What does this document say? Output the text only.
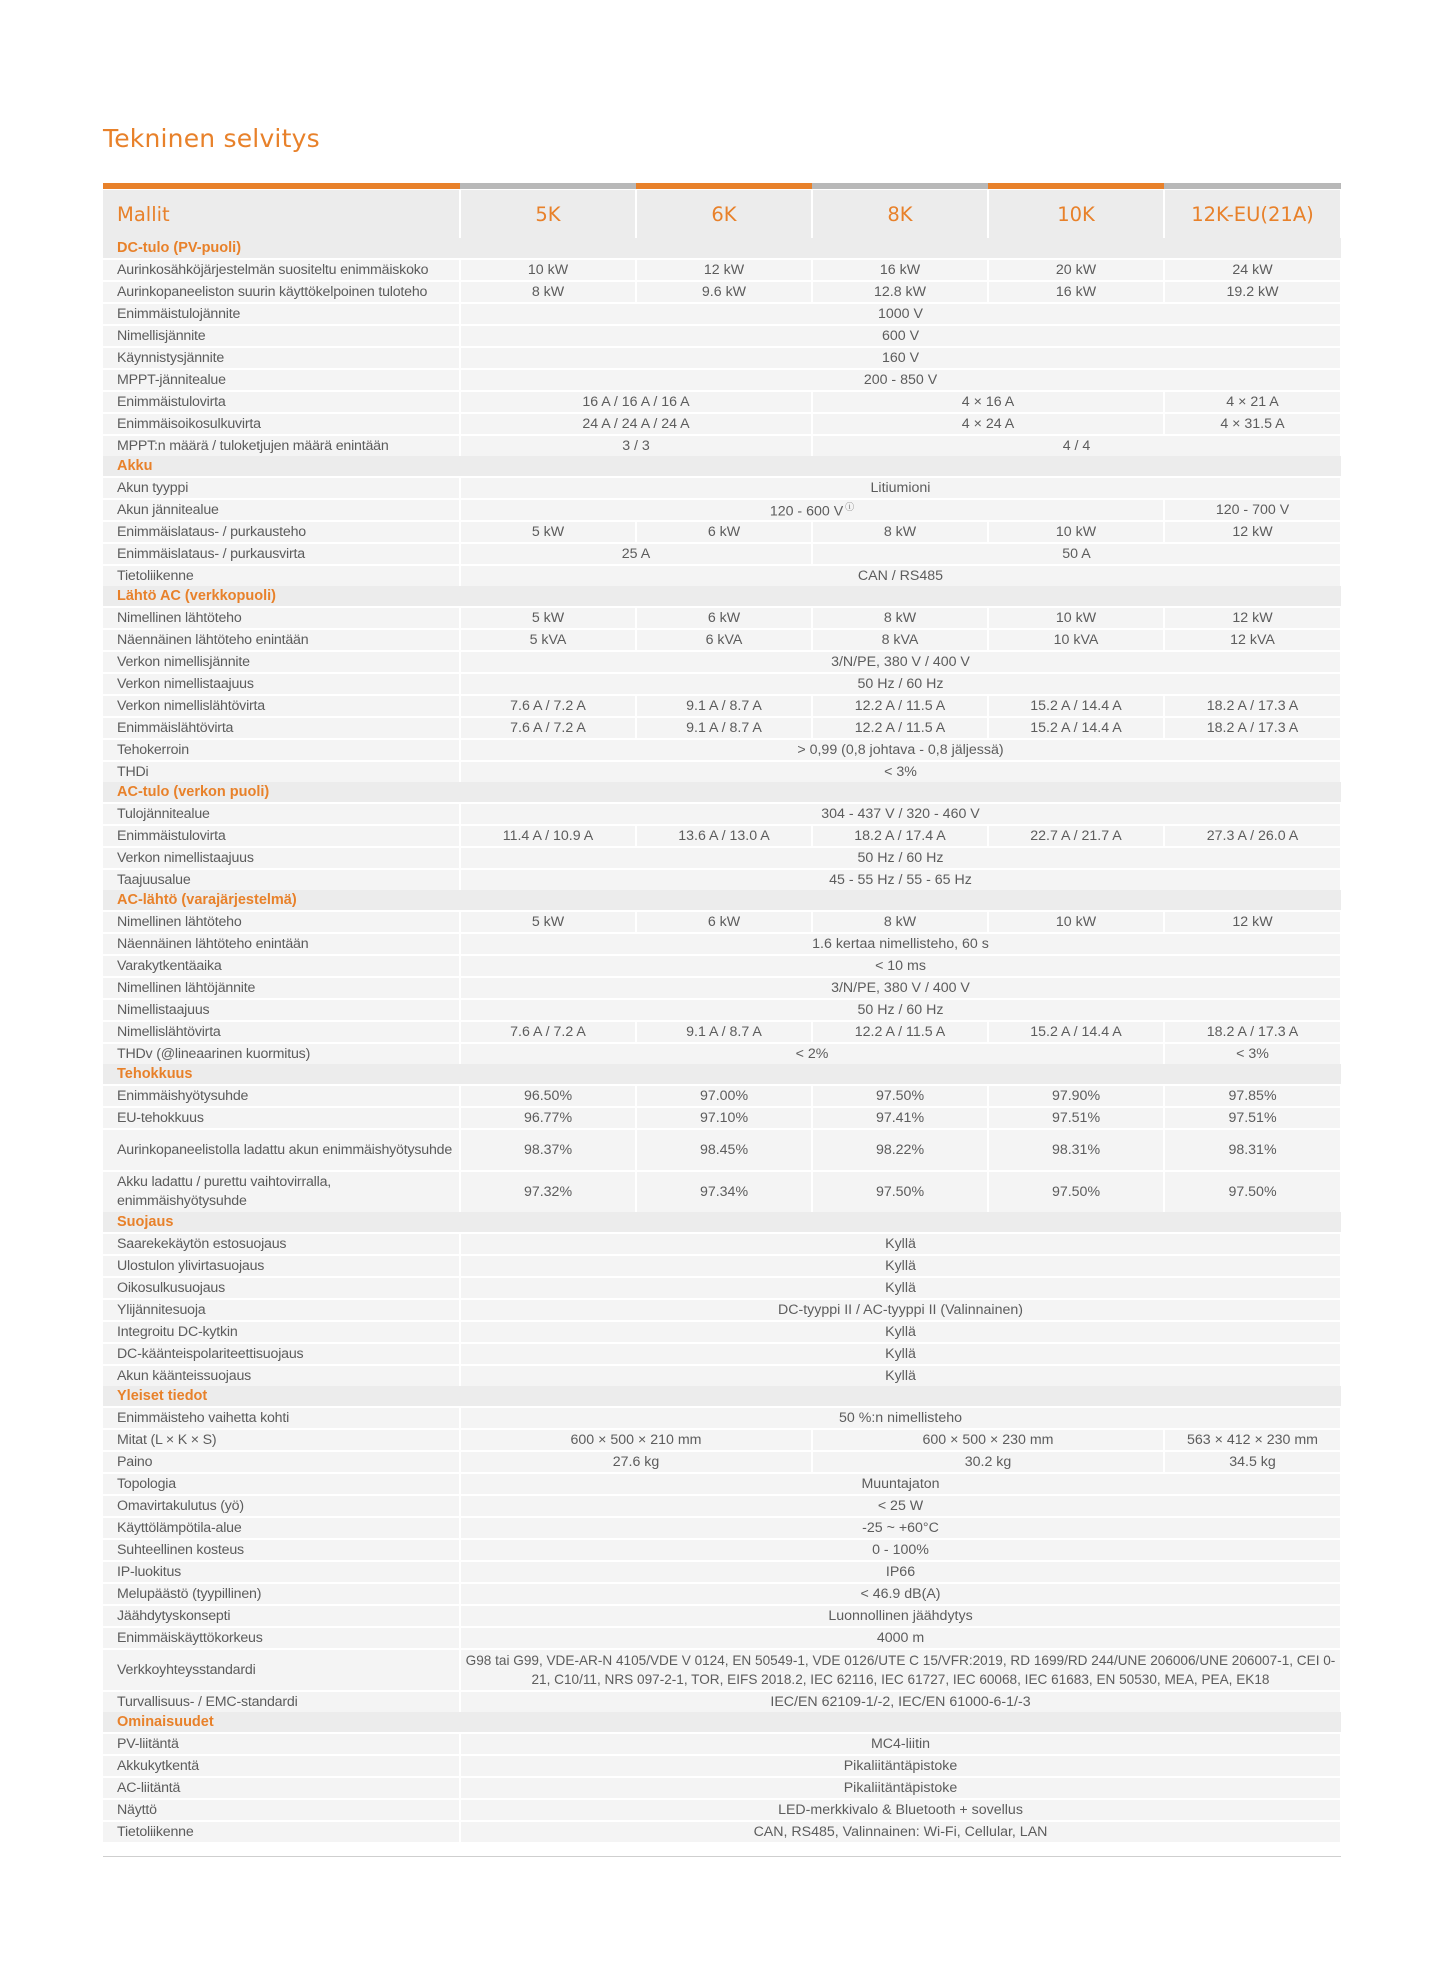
Tekninen selvitys
Mallit	5K	6K	8K	10K	12K-EU(21A)
DC-tulo (PV-puoli)					
Aurinkosähköjärjestelmän suositeltu enimmäiskoko	10 kW	12 kW	16 kW	20 kW	24 kW
Aurinkopaneeliston suurin käyttökelpoinen tuloteho	8 kW	9.6 kW	12.8 kW	16 kW	19.2 kW
Enimmäistulojännite	1000 V				
Nimellisjännite	600 V				
Käynnistysjännite	160 V				
MPPT-jännitealue	200 - 850 V				
Enimmäistulovirta	16 A / 16 A / 16 A		4 × 16 A		4 × 21 A
Enimmäisoikosulkuvirta	24 A / 24 A / 24 A		4 × 24 A		4 × 31.5 A
MPPT:n määrä / tuloketjujen määrä enintään	3 / 3		4 / 4		
Akku					
Akun tyyppi	Litiumioni				
Akun jännitealue	120 - 600 V ⓘ				120 - 700 V
Enimmäislataus- / purkausteho	5 kW	6 kW	8 kW	10 kW	12 kW
Enimmäislataus- / purkausvirta	25 A		50 A		
Tietoliikenne	CAN / RS485				
Lähtö AC (verkkopuoli)					
Nimellinen lähtöteho	5 kW	6 kW	8 kW	10 kW	12 kW
Näennäinen lähtöteho enintään	5 kVA	6 kVA	8 kVA	10 kVA	12 kVA
Verkon nimellisjännite	3/N/PE, 380 V / 400 V				
Verkon nimellistaajuus	50 Hz / 60 Hz				
Verkon nimellislähtövirta	7.6 A / 7.2 A	9.1 A / 8.7 A	12.2 A / 11.5 A	15.2 A / 14.4 A	18.2 A / 17.3 A
Enimmäislähtövirta	7.6 A / 7.2 A	9.1 A / 8.7 A	12.2 A / 11.5 A	15.2 A / 14.4 A	18.2 A / 17.3 A
Tehokerroin	> 0,99 (0,8 johtava - 0,8 jäljessä)				
THDi	< 3%				
AC-tulo (verkon puoli)					
Tulojännitealue	304 - 437 V / 320 - 460 V				
Enimmäistulovirta	11.4 A / 10.9 A	13.6 A / 13.0 A	18.2 A / 17.4 A	22.7 A / 21.7 A	27.3 A / 26.0 A
Verkon nimellistaajuus	50 Hz / 60 Hz				
Taajuusalue	45 - 55 Hz / 55 - 65 Hz				
AC-lähtö (varajärjestelmä)					
Nimellinen lähtöteho	5 kW	6 kW	8 kW	10 kW	12 kW
Näennäinen lähtöteho enintään	1.6 kertaa nimellisteho, 60 s				
Varakytkentäaika	< 10 ms				
Nimellinen lähtöjännite	3/N/PE, 380 V / 400 V				
Nimellistaajuus	50 Hz / 60 Hz				
Nimellislähtövirta	7.6 A / 7.2 A	9.1 A / 8.7 A	12.2 A / 11.5 A	15.2 A / 14.4 A	18.2 A / 17.3 A
THDv (@lineaarinen kuormitus)	< 2%				< 3%
Tehokkuus					
Enimmäishyötysuhde	96.50%	97.00%	97.50%	97.90%	97.85%
EU-tehokkuus	96.77%	97.10%	97.41%	97.51%	97.51%
Aurinkopaneelistolla ladattu akun enimmäishyötysuhde	98.37%	98.45%	98.22%	98.31%	98.31%
Akku ladattu / purettu vaihtovirralla, enimmäishyötysuhde	97.32%	97.34%	97.50%	97.50%	97.50%
Suojaus					
Saarekekäytön estosuojaus	Kyllä				
Ulostulon ylivirtasuojaus	Kyllä				
Oikosulkusuojaus	Kyllä				
Ylijännitesuoja	DC-tyyppi II / AC-tyyppi II (Valinnainen)				
Integroitu DC-kytkin	Kyllä				
DC-käänteispolariteettisuojaus	Kyllä				
Akun käänteissuojaus	Kyllä				
Yleiset tiedot					
Enimmäisteho vaihetta kohti	50 %:n nimellisteho				
Mitat (L × K × S)	600 × 500 × 210 mm		600 × 500 × 230 mm		563 × 412 × 230 mm
Paino	27.6 kg		30.2 kg		34.5 kg
Topologia	Muuntajaton				
Omavirtakulutus (yö)	< 25 W				
Käyttölämpötila-alue	-25 ~ +60°C				
Suhteellinen kosteus	0 - 100%				
IP-luokitus	IP66				
Melupäästö (tyypillinen)	< 46.9 dB(A)				
Jäähdytyskonsepti	Luonnollinen jäähdytys				
Enimmäiskäyttökorkeus	4000 m				
Verkkoyhteysstandardi	G98 tai G99, VDE-AR-N 4105/VDE V 0124, EN 50549-1, VDE 0126/UTE C 15/VFR:2019, RD 1699/RD 244/UNE 206006/UNE 206007-1, CEI 0-21, C10/11, NRS 097-2-1, TOR, EIFS 2018.2, IEC 62116, IEC 61727, IEC 60068, IEC 61683, EN 50530, MEA, PEA, EK18				
Turvallisuus- / EMC-standardi	IEC/EN 62109-1/-2, IEC/EN 61000-6-1/-3				
Ominaisuudet					
PV-liitäntä	MC4-liitin				
Akkukytkentä	Pikaliitäntäpistoke				
AC-liitäntä	Pikaliitäntäpistoke				
Näyttö	LED-merkkivalo & Bluetooth + sovellus				
Tietoliikenne	CAN, RS485, Valinnainen: Wi-Fi, Cellular, LAN				
